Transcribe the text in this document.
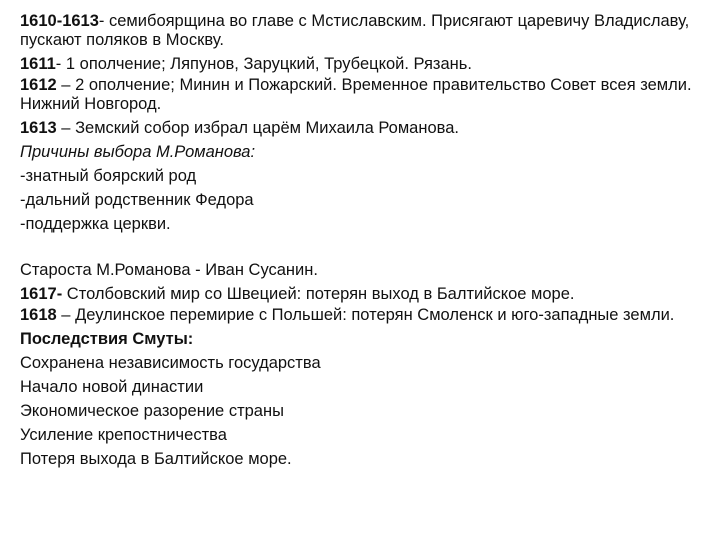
1610-1613- семибоярщина во главе с Мстиславским. Присягают царевичу Владиславу, пускают поляков в Москву.

1611- 1 ополчение; Ляпунов, Заруцкий, Трубецкой. Рязань.

1612 – 2 ополчение; Минин и Пожарский. Временное правительство Совет всея земли. Нижний Новгород.

1613 – Земский собор избрал царём Михаила Романова.

Причины выбора М.Романова:

-знатный боярский род

-дальний родственник Федора

-поддержка церкви.

Староста М.Романова - Иван Сусанин.

1617- Столбовский мир со Швецией: потерян выход в Балтийское море.

1618 – Деулинское перемирие с Польшей: потерян Смоленск и юго-западные земли.

Последствия Смуты:

Сохранена независимость государства

Начало новой династии

Экономическое разорение страны

Усиление крепостничества

Потеря выхода в Балтийское море.
